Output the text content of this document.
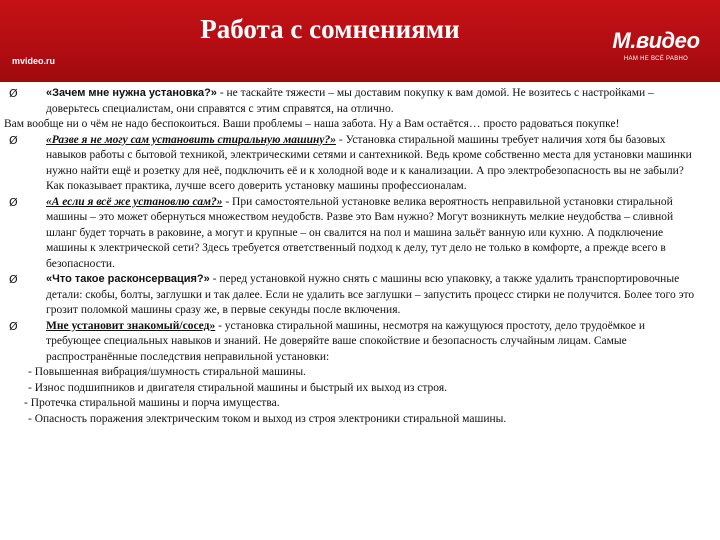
Работа с сомнениями
mvideo.ru
М.видео
НАМ НЕ ВСЁ РАВНО

Ø	«Зачем мне нужна установка?» - не таскайте тяжести – мы доставим покупку к вам домой. Не возитесь с настройками – доверьтесь специалистам, они справятся с этим справятся, на отлично.

Вам вообще ни о чём не надо беспокоиться. Ваши проблемы – наша забота. Ну а Вам остаётся… просто радоваться покупке!

Ø «Разве я не могу сам установить стиральную машину?» - Установка стиральной машины требует наличия хотя бы базовых навыков работы с бытовой техникой, электрическими сетями и сантехникой. Ведь кроме собственно места для установки машинки нужно найти ещё и розетку для неё, подключить её и к холодной воде и к канализации. А про электробезопасность вы не забыли? Как показывает практика, лучше всего доверить установку машины профессионалам.

Ø «А если я всё же установлю сам?» - При самостоятельной установке велика вероятность неправильной установки стиральной машины – это может обернуться множеством неудобств. Разве это Вам нужно? Могут возникнуть мелкие неудобства – сливной шланг будет торчать в раковине, а могут и крупные – он свалится на пол и машина зальёт ванную или кухню. А подключение машины к электрической сети? Здесь требуется ответственный подход к делу, тут дело не только в комфорте, а прежде всего в безопасности.

Ø	«Что такое расконсервация?» - перед установкой нужно снять с машины всю упаковку, а также удалить транспортировочные детали: скобы, болты, заглушки и так далее. Если не удалить все заглушки – запустить процесс стирки не получится. Более того это грозит поломкой машины сразу же, в первые секунды после включения.

Ø Мне установит знакомый/сосед» - установка стиральной машины, несмотря на кажущуюся простоту, дело трудоёмкое и требующее специальных навыков и знаний. Не доверяйте ваше спокойствие и безопасность случайным лицам. Самые распространённые последствия неправильной установки:

- Повышенная вибрация/шумность стиральной машины.

- Износ подшипников и двигателя стиральной машины и быстрый их выход из строя.

- Протечка стиральной машины и порча имущества.

- Опасность поражения электрическим током и выход из строя электроники стиральной машины.
